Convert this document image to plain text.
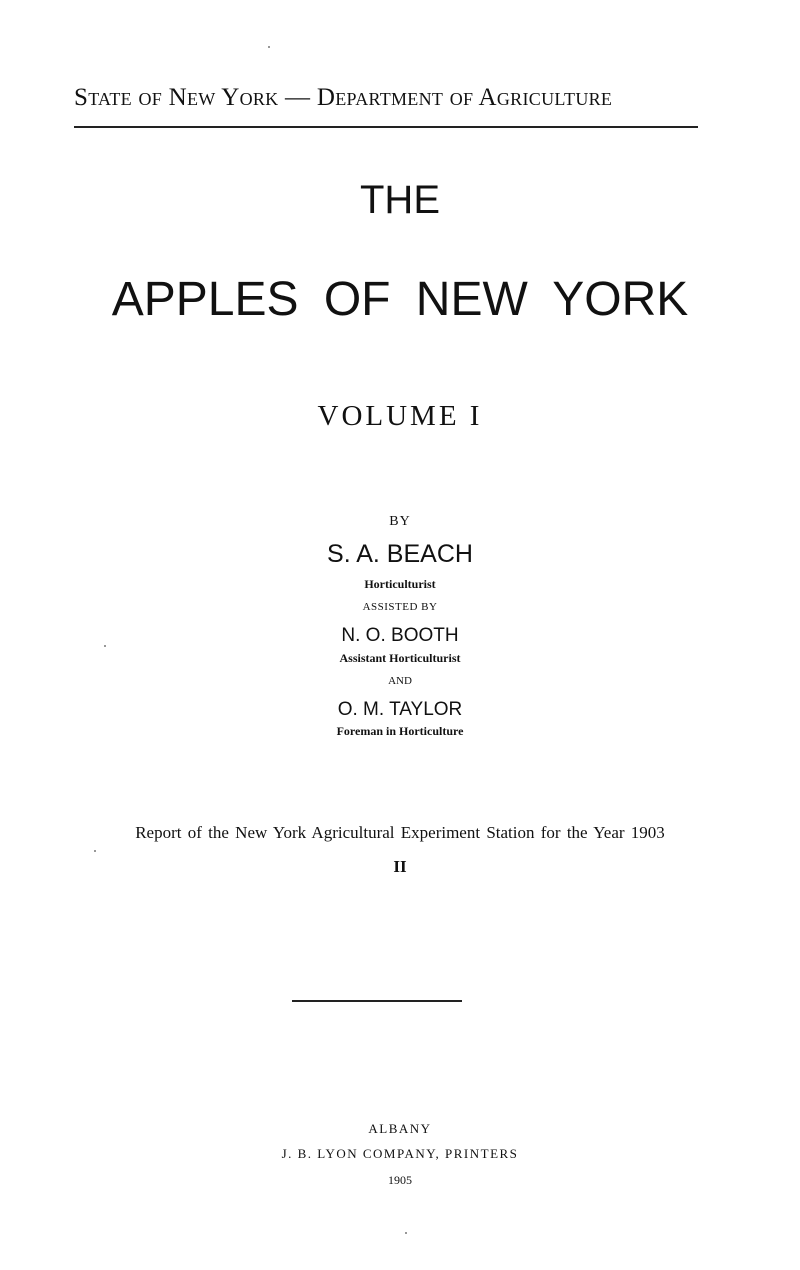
State of New York — Department of Agriculture
THE
APPLES OF NEW YORK
VOLUME I
BY
S. A. BEACH
Horticulturist
ASSISTED BY
N. O. BOOTH
Assistant Horticulturist
AND
O. M. TAYLOR
Foreman in Horticulture
Report of the New York Agricultural Experiment Station for the Year 1903
II
ALBANY
J. B. LYON COMPANY, PRINTERS
1905
